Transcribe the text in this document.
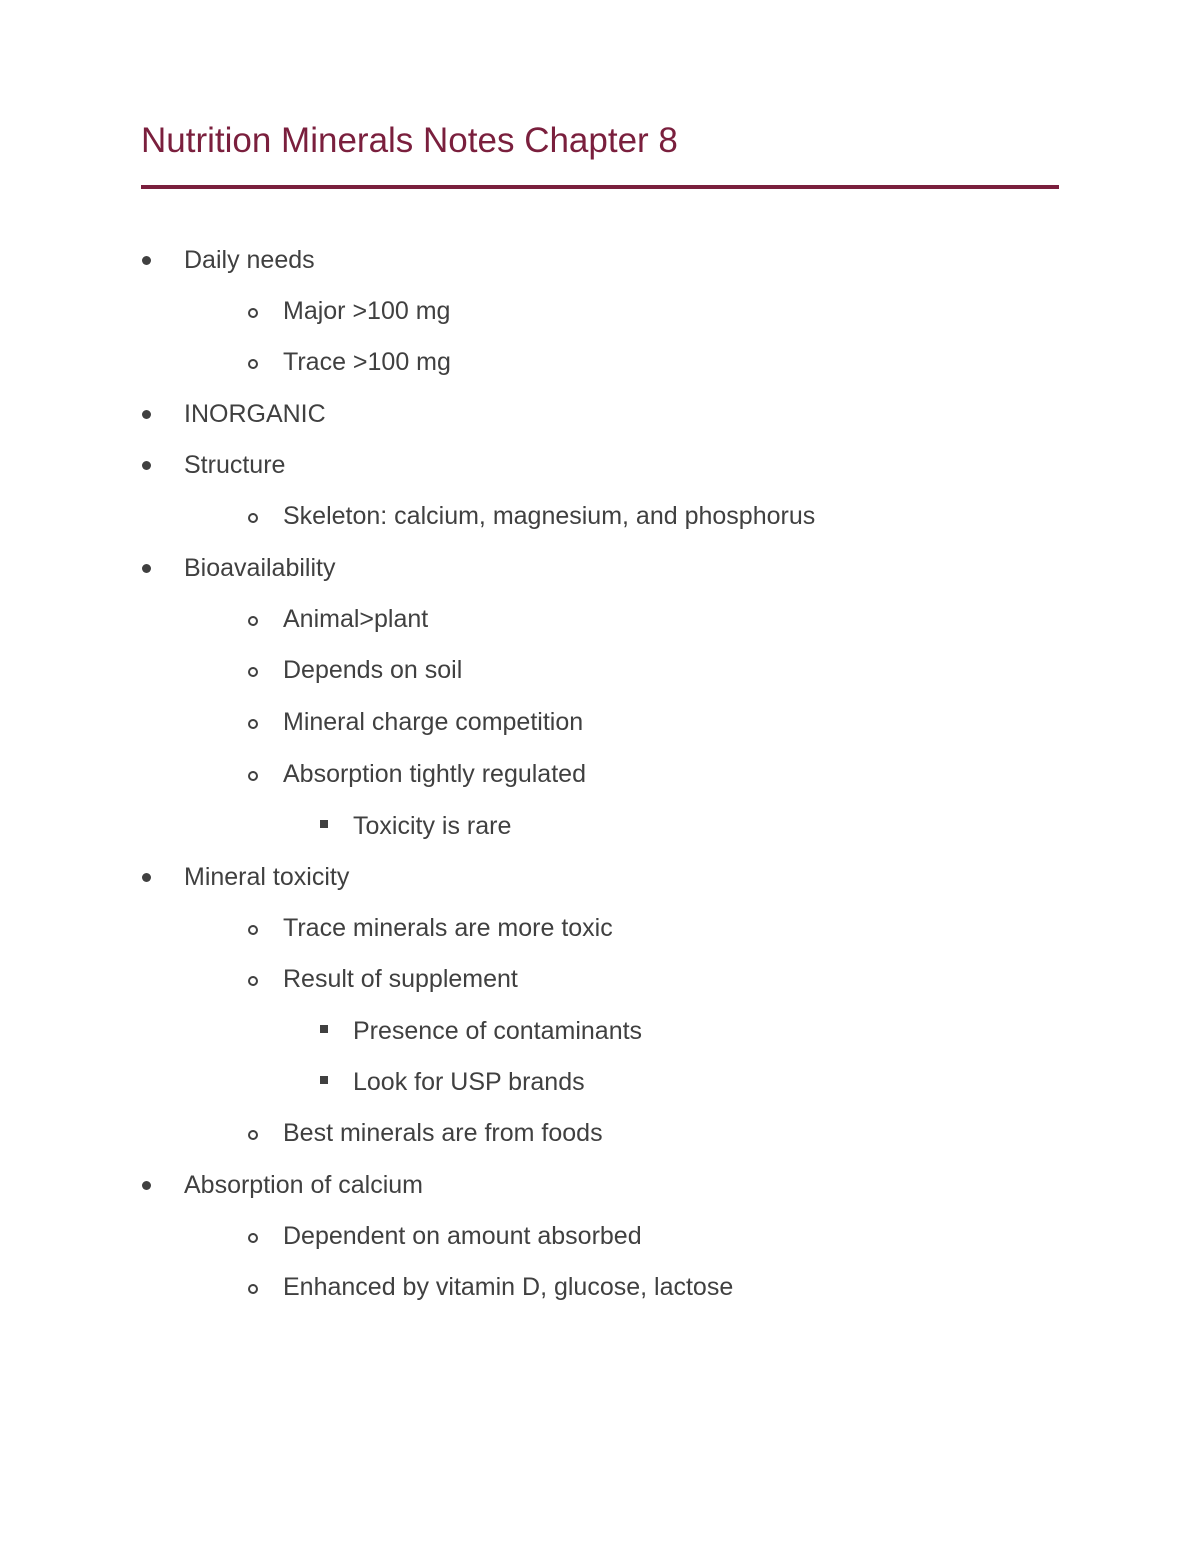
Nutrition Minerals Notes Chapter 8
Daily needs
Major >100 mg
Trace >100 mg
INORGANIC
Structure
Skeleton: calcium, magnesium, and phosphorus
Bioavailability
Animal>plant
Depends on soil
Mineral charge competition
Absorption tightly regulated
Toxicity is rare
Mineral toxicity
Trace minerals are more toxic
Result of supplement
Presence of contaminants
Look for USP brands
Best minerals are from foods
Absorption of calcium
Dependent on amount absorbed
Enhanced by vitamin D, glucose, lactose
